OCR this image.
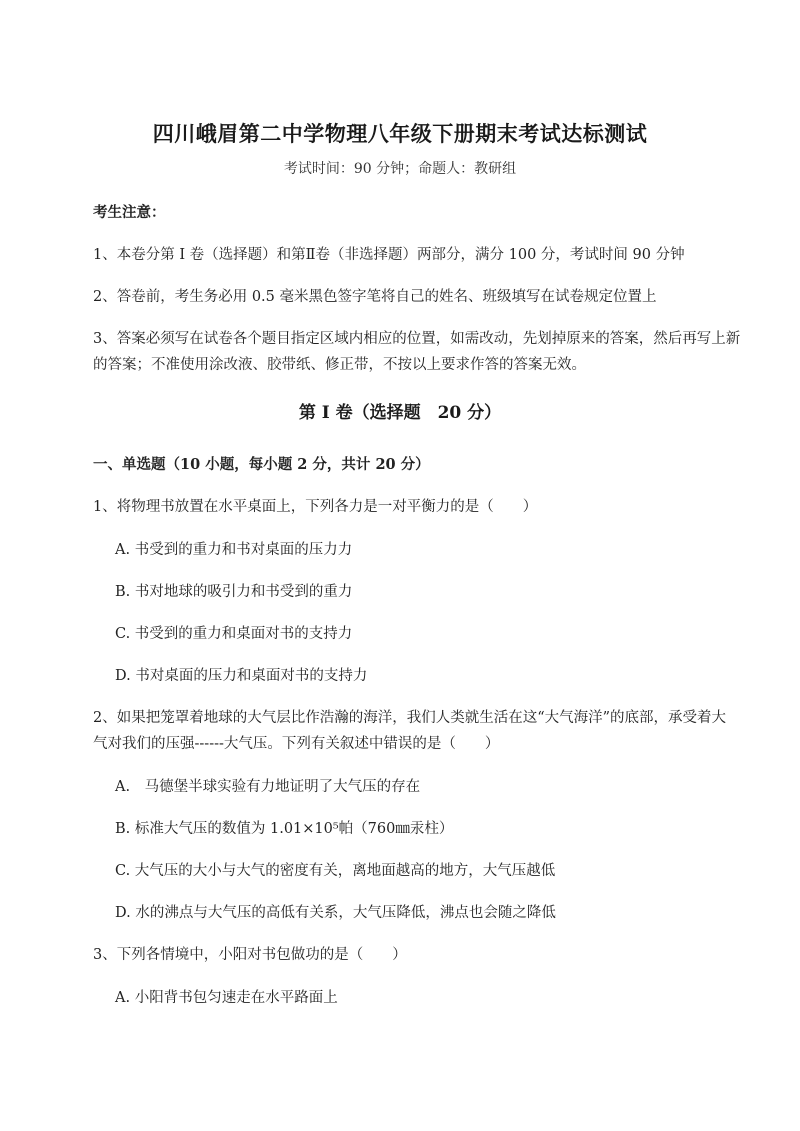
四川峨眉第二中学物理八年级下册期末考试达标测试
考试时间：90 分钟；命题人：教研组
考生注意：
1、本卷分第 I 卷（选择题）和第Ⅱ卷（非选择题）两部分，满分 100 分，考试时间 90 分钟
2、答卷前，考生务必用 0.5 毫米黑色签字笔将自己的姓名、班级填写在试卷规定位置上
3、答案必须写在试卷各个题目指定区域内相应的位置，如需改动，先划掉原来的答案，然后再写上新
的答案；不准使用涂改液、胶带纸、修正带，不按以上要求作答的答案无效。
第 I 卷（选择题　20 分）
一、单选题（10 小题，每小题 2 分，共计 20 分）
1、将物理书放置在水平桌面上，下列各力是一对平衡力的是（　　）
A. 书受到的重力和书对桌面的压力力
B. 书对地球的吸引力和书受到的重力
C. 书受到的重力和桌面对书的支持力
D. 书对桌面的压力和桌面对书的支持力
2、如果把笼罩着地球的大气层比作浩瀚的海洋，我们人类就生活在这“大气海洋”的底部，承受着大
气对我们的压强------大气压。下列有关叙述中错误的是（　　）
A.　马德堡半球实验有力地证明了大气压的存在
B. 标准大气压的数值为 1.01×10⁵帕（760㎜汞柱）
C. 大气压的大小与大气的密度有关，离地面越高的地方，大气压越低
D. 水的沸点与大气压的高低有关系，大气压降低，沸点也会随之降低
3、下列各情境中，小阳对书包做功的是（　　）
A. 小阳背书包匀速走在水平路面上
